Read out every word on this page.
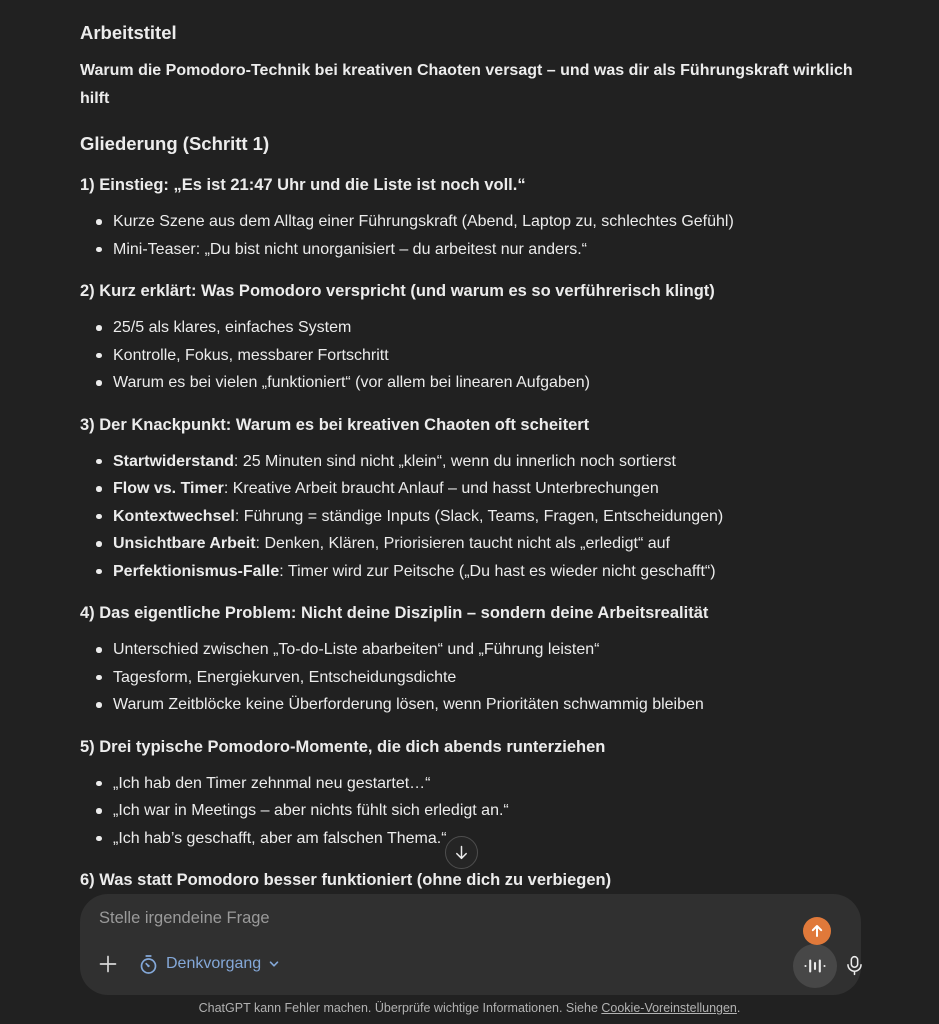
Arbeitstitel
Warum die Pomodoro-Technik bei kreativen Chaoten versagt – und was dir als Führungskraft wirklich hilft
Gliederung (Schritt 1)
1) Einstieg: „Es ist 21:47 Uhr und die Liste ist noch voll.“
Kurze Szene aus dem Alltag einer Führungskraft (Abend, Laptop zu, schlechtes Gefühl)
Mini-Teaser: „Du bist nicht unorganisiert – du arbeitest nur anders.“
2) Kurz erklärt: Was Pomodoro verspricht (und warum es so verführerisch klingt)
25/5 als klares, einfaches System
Kontrolle, Fokus, messbarer Fortschritt
Warum es bei vielen „funktioniert“ (vor allem bei linearen Aufgaben)
3) Der Knackpunkt: Warum es bei kreativen Chaoten oft scheitert
Startwiderstand: 25 Minuten sind nicht „klein“, wenn du innerlich noch sortierst
Flow vs. Timer: Kreative Arbeit braucht Anlauf – und hasst Unterbrechungen
Kontextwechsel: Führung = ständige Inputs (Slack, Teams, Fragen, Entscheidungen)
Unsichtbare Arbeit: Denken, Klären, Priorisieren taucht nicht als „erledigt“ auf
Perfektionismus-Falle: Timer wird zur Peitsche („Du hast es wieder nicht geschafft“)
4) Das eigentliche Problem: Nicht deine Disziplin – sondern deine Arbeitsrealität
Unterschied zwischen „To-do-Liste abarbeiten“ und „Führung leisten“
Tagesform, Energiekurven, Entscheidungsdichte
Warum Zeitblöcke keine Überforderung lösen, wenn Prioritäten schwammig bleiben
5) Drei typische Pomodoro-Momente, die dich abends runterziehen
„Ich hab den Timer zehnmal neu gestartet…“
„Ich war in Meetings – aber nichts fühlt sich erledigt an.“
„Ich hab’s geschafft, aber am falschen Thema.“
6) Was statt Pomodoro besser funktioniert (ohne dich zu verbiegen)
Stelle irgendeine Frage
Denkvorgang
ChatGPT kann Fehler machen. Überprüfe wichtige Informationen. Siehe Cookie-Voreinstellungen.
